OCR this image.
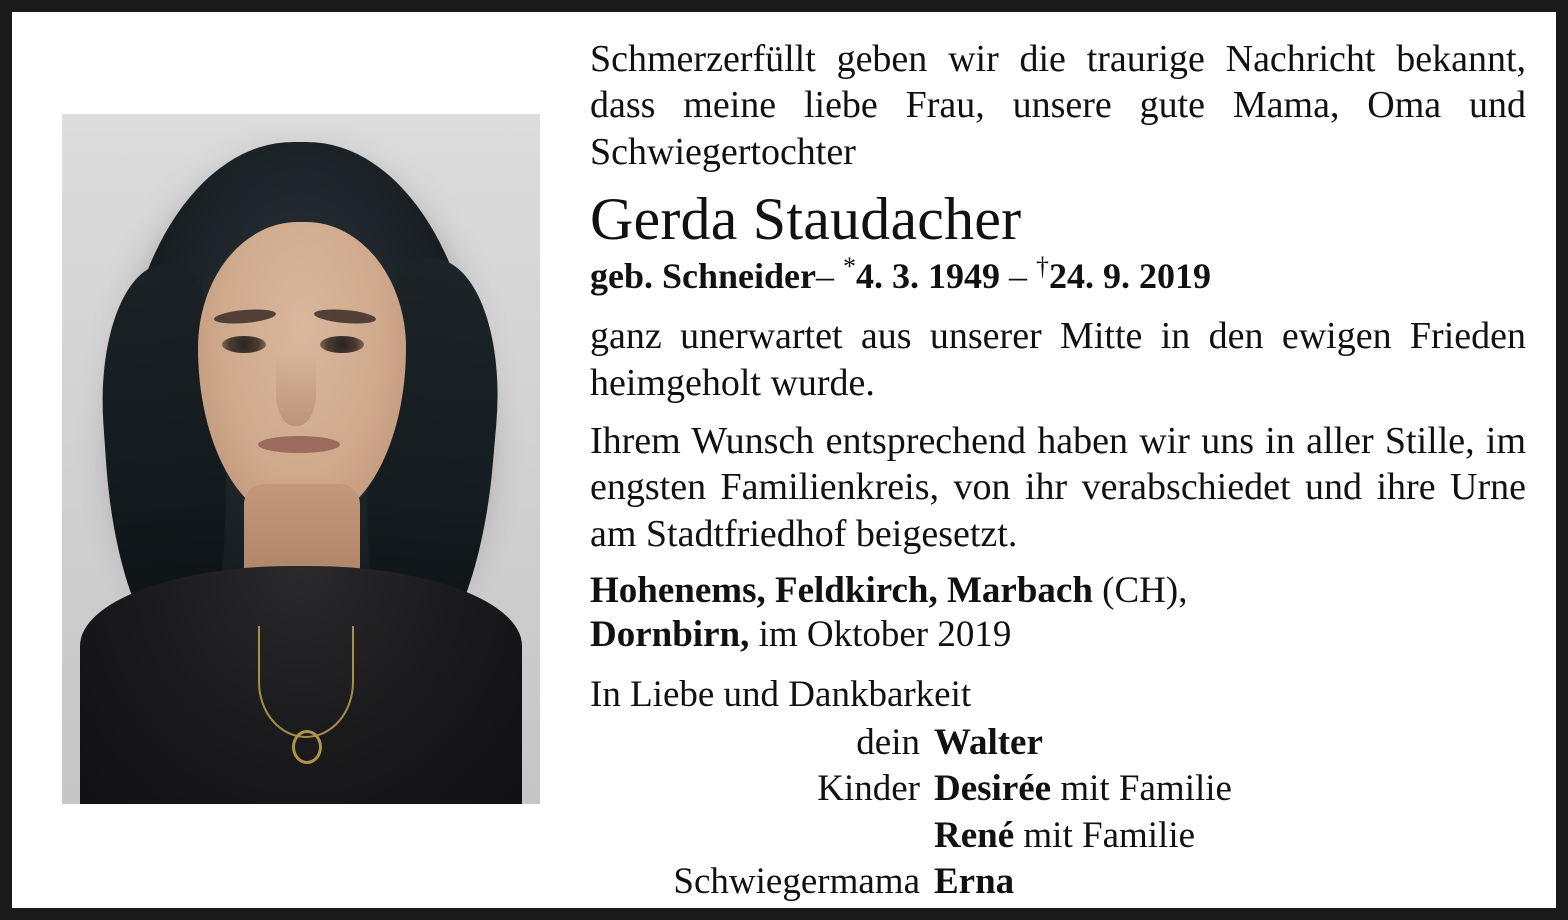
Schmerzerfüllt geben wir die traurige Nachricht bekannt, dass meine liebe Frau, unsere gute Mama, Oma und Schwiegertochter

Gerda Staudacher
geb. Schneider– *4. 3. 1949 – †24. 9. 2019

ganz unerwartet aus unserer Mitte in den ewigen Frieden heimgeholt wurde.

Ihrem Wunsch entsprechend haben wir uns in aller Stille, im engsten Familienkreis, von ihr verabschiedet und ihre Urne am Stadtfriedhof beigesetzt.

Hohenems, Feldkirch, Marbach (CH),
Dornbirn, im Oktober 2019
In Liebe und Dankbarkeit
dein Walter
Kinder Desirée mit Familie
René mit Familie
Schwiegermama Erna
